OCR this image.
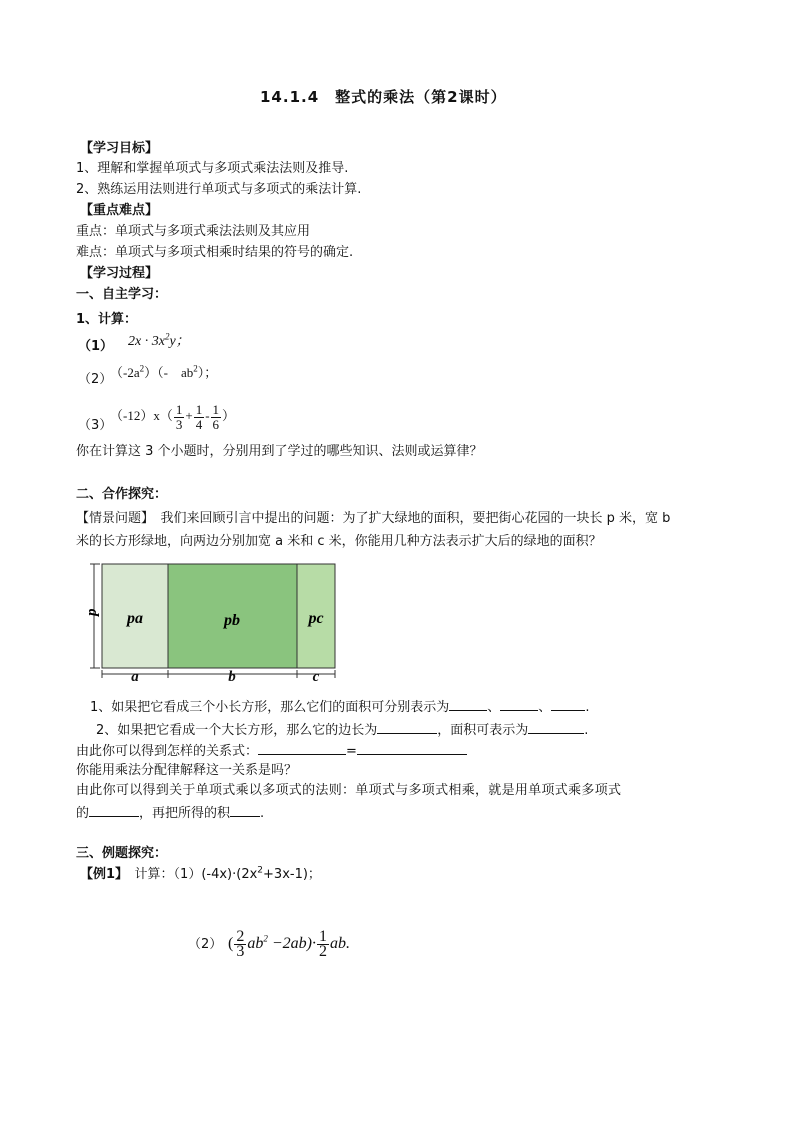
14.1.4　整式的乘法（第2课时）
【学习目标】
1、理解和掌握单项式与多项式乘法法则及推导.
2、熟练运用法则进行单项式与多项式的乘法计算.
【重点难点】
重点：单项式与多项式乘法法则及其应用
难点：单项式与多项式相乘时结果的符号的确定.
【学习过程】
一、自主学习：
1、计算：
（1） $2x \cdot 3x^2y$；
（2）
$(-2a^2)(-$　$ab^2$）；
（3）
$(-12)x( \frac{1}{3} + \frac{1}{4} - \frac{1}{6}$ ）
你在计算这 3 个小题时，分别用到了学过的哪些知识、法则或运算律？
二、合作探究：
【情景问题】　我们来回顾引言中提出的问题：为了扩大绿地的面积，要把街心花园的一块长 p 米，宽 b
米的长方形绿地，向两边分别加宽 a 米和 c 米，你能用几种方法表示扩大后的绿地的面积？
p pa	pb	pc
a	b	c
1、如果把它看成三个小长方形，那么它们的面积可分别表示为	、	、	.
2、如果把它看成一个大长方形，那么它的边长为	，面积可表示为	.
由此你可以得到怎样的关系式：	=
你能用乘法分配律解释这一关系是吗？
由此你可以得到关于单项式乘以多项式的法则：单项式与多项式相乘，就是用单项式乘多项式
的	，再把所得的积 .
三、例题探究：
【例1】　计算：$(1)(-4x)\cdot(2x^2+3x-1)$；
（2） ( $\frac{2}{3} ab^2 -2ab)\cdot \frac{1}{2}$ ab.
